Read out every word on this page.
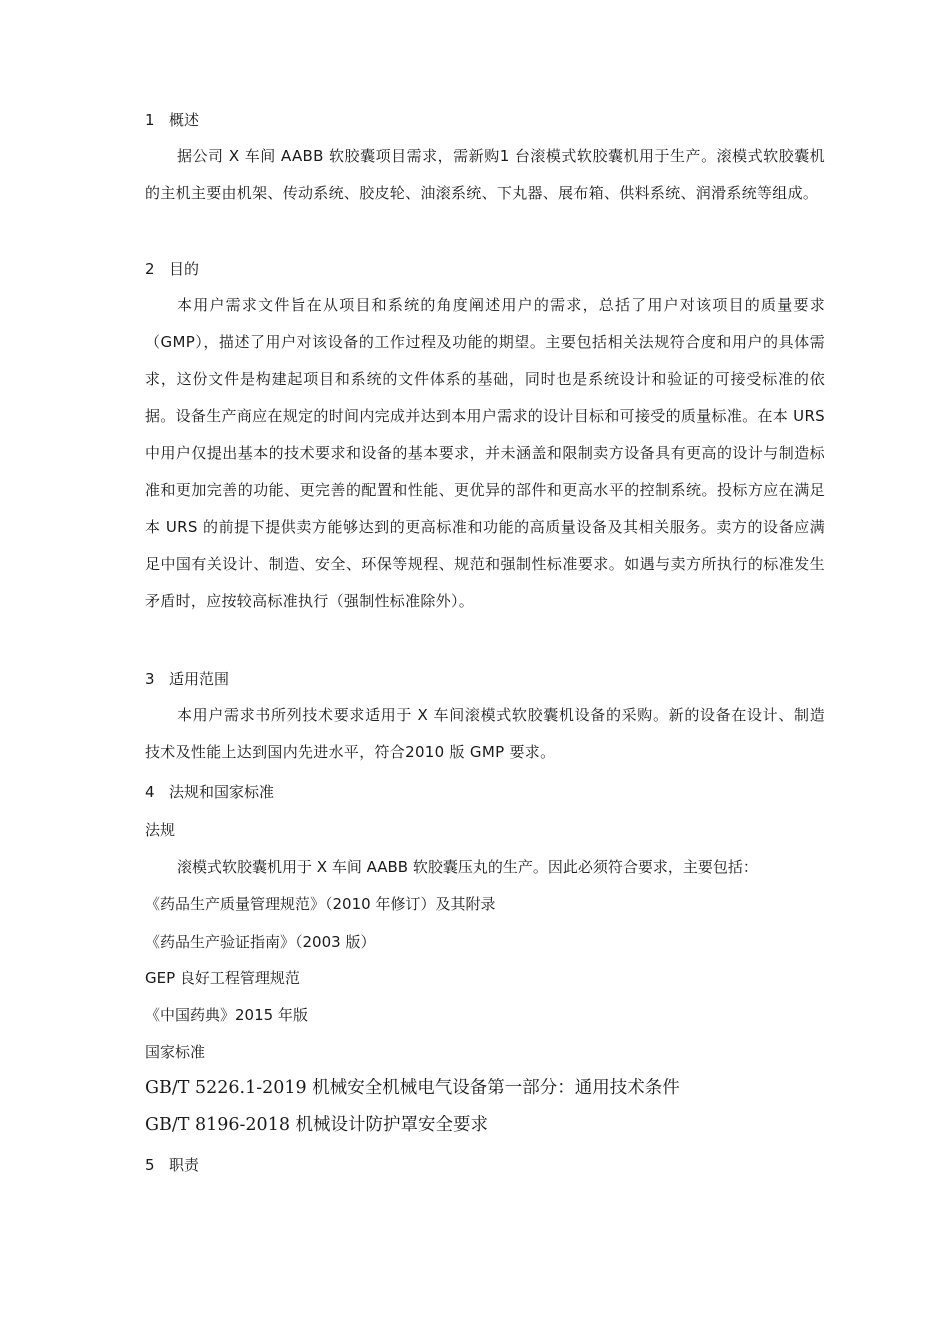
1 概述

据公司 X 车间 AABB 软胶囊项目需求，需新购1 台滚模式软胶囊机用于生产。滚模式软胶囊机的主机主要由机架、传动系统、胶皮轮、油滚系统、下丸器、展布箱、供料系统、润滑系统等组成。

2 目的

本用户需求文件旨在从项目和系统的角度阐述用户的需求，总括了用户对该项目的质量要求（GMP），描述了用户对该设备的工作过程及功能的期望。主要包括相关法规符合度和用户的具体需求，这份文件是构建起项目和系统的文件体系的基础，同时也是系统设计和验证的可接受标准的依据。设备生产商应在规定的时间内完成并达到本用户需求的设计目标和可接受的质量标准。在本 URS 中用户仅提出基本的技术要求和设备的基本要求，并未涵盖和限制卖方设备具有更高的设计与制造标准和更加完善的功能、更完善的配置和性能、更优异的部件和更高水平的控制系统。投标方应在满足本 URS 的前提下提供卖方能够达到的更高标准和功能的高质量设备及其相关服务。卖方的设备应满足中国有关设计、制造、安全、环保等规程、规范和强制性标准要求。如遇与卖方所执行的标准发生矛盾时，应按较高标准执行（强制性标准除外）。

3 适用范围

本用户需求书所列技术要求适用于 X 车间滚模式软胶囊机设备的采购。新的设备在设计、制造技术及性能上达到国内先进水平，符合2010 版 GMP 要求。

4 法规和国家标准
法规
滚模式软胶囊机用于 X 车间 AABB 软胶囊压丸的生产。因此必须符合要求，主要包括：
《药品生产质量管理规范》（2010 年修订）及其附录
《药品生产验证指南》（2003 版）
GEP 良好工程管理规范
《中国药典》2015 年版
国家标准
GB/T 5226.1-2019 机械安全机械电气设备第一部分：通用技术条件
GB/T 8196-2018 机械设计防护罩安全要求
5 职责
